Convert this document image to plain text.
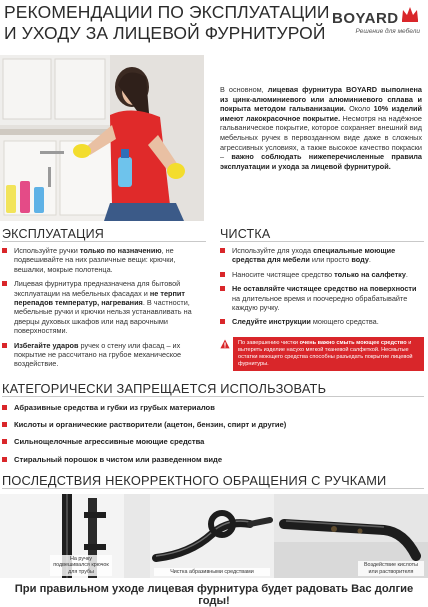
РЕКОМЕНДАЦИИ ПО ЭКСПЛУАТАЦИИ
И УХОДУ ЗА ЛИЦЕВОЙ ФУРНИТУРОЙ
BOYARD
Решение для мебели

В основном, лицевая фурнитура BOYARD выполнена из цинк-алюминиевого или алюминиевого сплава и покрыта методом гальванизации. Около 10% изделий имеют лакокрасочное покрытие. Несмотря на надёжное гальваническое покрытие, которое сохраняет внешний вид мебельных ручек в первозданном виде даже в сложных агрессивных условиях, а также высокое качество покраски – важно соблюдать нижеперечисленные правила эксплуатации и ухода за лицевой фурнитурой.

ЭКСПЛУАТАЦИЯ
Используйте ручки только по назначению, не подвешивайте на них различные вещи: крючки, вешалки, мокрые полотенца.
Лицевая фурнитура предназначена для бытовой эксплуатации на мебельных фасадах и не терпит перепадов температур, нагревания. В частности, мебельные ручки и крючки нельзя устанавливать на дверцы духовых шкафов или над варочными поверхностями.
Избегайте ударов ручек о стену или фасад – их покрытие не рассчитано на грубое механическое воздействие.
ЧИСТКА
Используйте для ухода специальные моющие средства для мебели или просто воду.
Наносите чистящее средство только на салфетку.
Не оставляйте чистящее средство на поверхности на длительное время и поочередно обрабатывайте каждую ручку.
Следуйте инструкции моющего средства.
По завершению чистки очень важно смыть моющее средство и вытереть изделие насухо мягкой тканевой салфеткой. Несмытые остатки моющего средства способны разъедать покрытие лицевой фурнитуры.
КАТЕГОРИЧЕСКИ ЗАПРЕЩАЕТСЯ ИСПОЛЬЗОВАТЬ
Абразивные средства и губки из грубых материалов
Кислоты и органические растворители (ацетон, бензин, спирт и другие)
Сильнощелочные агрессивные моющие средства
Стиральный порошок в чистом или разведенном виде
ПОСЛЕДСТВИЯ НЕКОРРЕКТНОГО ОБРАЩЕНИЯ С РУЧКАМИ
На ручку подвешивался крючок для трубы	Чистка абразивными средствами
Воздействие кислоты или растворителя
При правильном уходе лицевая фурнитура будет радовать Вас долгие годы!
